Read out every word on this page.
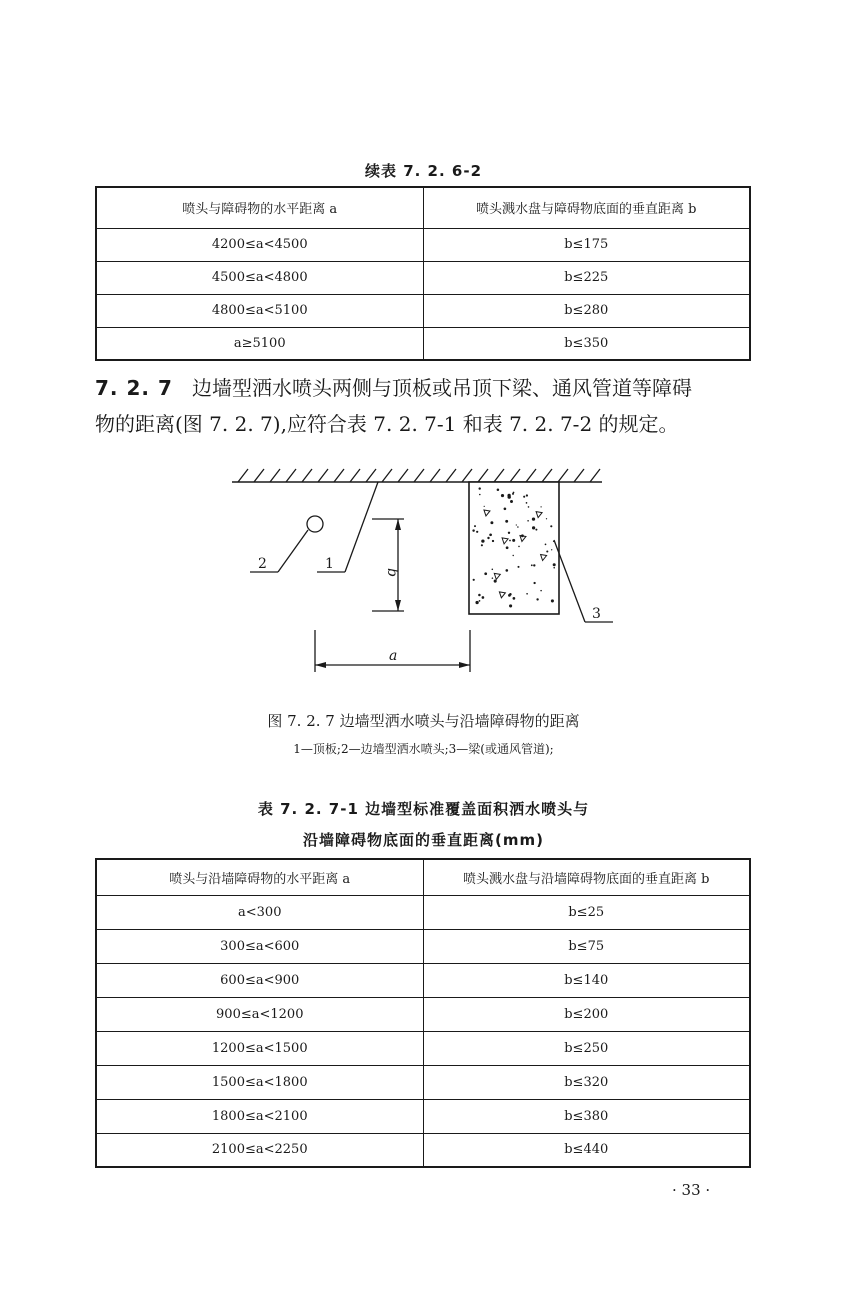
续表 7. 2. 6-2
喷头与障碍物的水平距离 a	喷头溅水盘与障碍物底面的垂直距离 b
4200≤a<4500	b≤175
4500≤a<4800	b≤225
4800≤a<5100	b≤280
a≥5100	b≤350
7. 2. 7 边墙型洒水喷头两侧与顶板或吊顶下梁、通风管道等障碍
物的距离(图 7. 2. 7),应符合表 7. 2. 7-1 和表 7. 2. 7-2 的规定。
2	1
3
b
a
图 7. 2. 7 边墙型洒水喷头与沿墙障碍物的距离
1—顶板;2—边墙型洒水喷头;3—梁(或通风管道);
表 7. 2. 7-1 边墙型标准覆盖面积洒水喷头与
沿墙障碍物底面的垂直距离(mm)
喷头与沿墙障碍物的水平距离 a	喷头溅水盘与沿墙障碍物底面的垂直距离 b
a<300	b≤25
300≤a<600	b≤75
600≤a<900	b≤140
900≤a<1200	b≤200
1200≤a<1500	b≤250
1500≤a<1800	b≤320
1800≤a<2100	b≤380
2100≤a<2250	b≤440
· 33 ·
